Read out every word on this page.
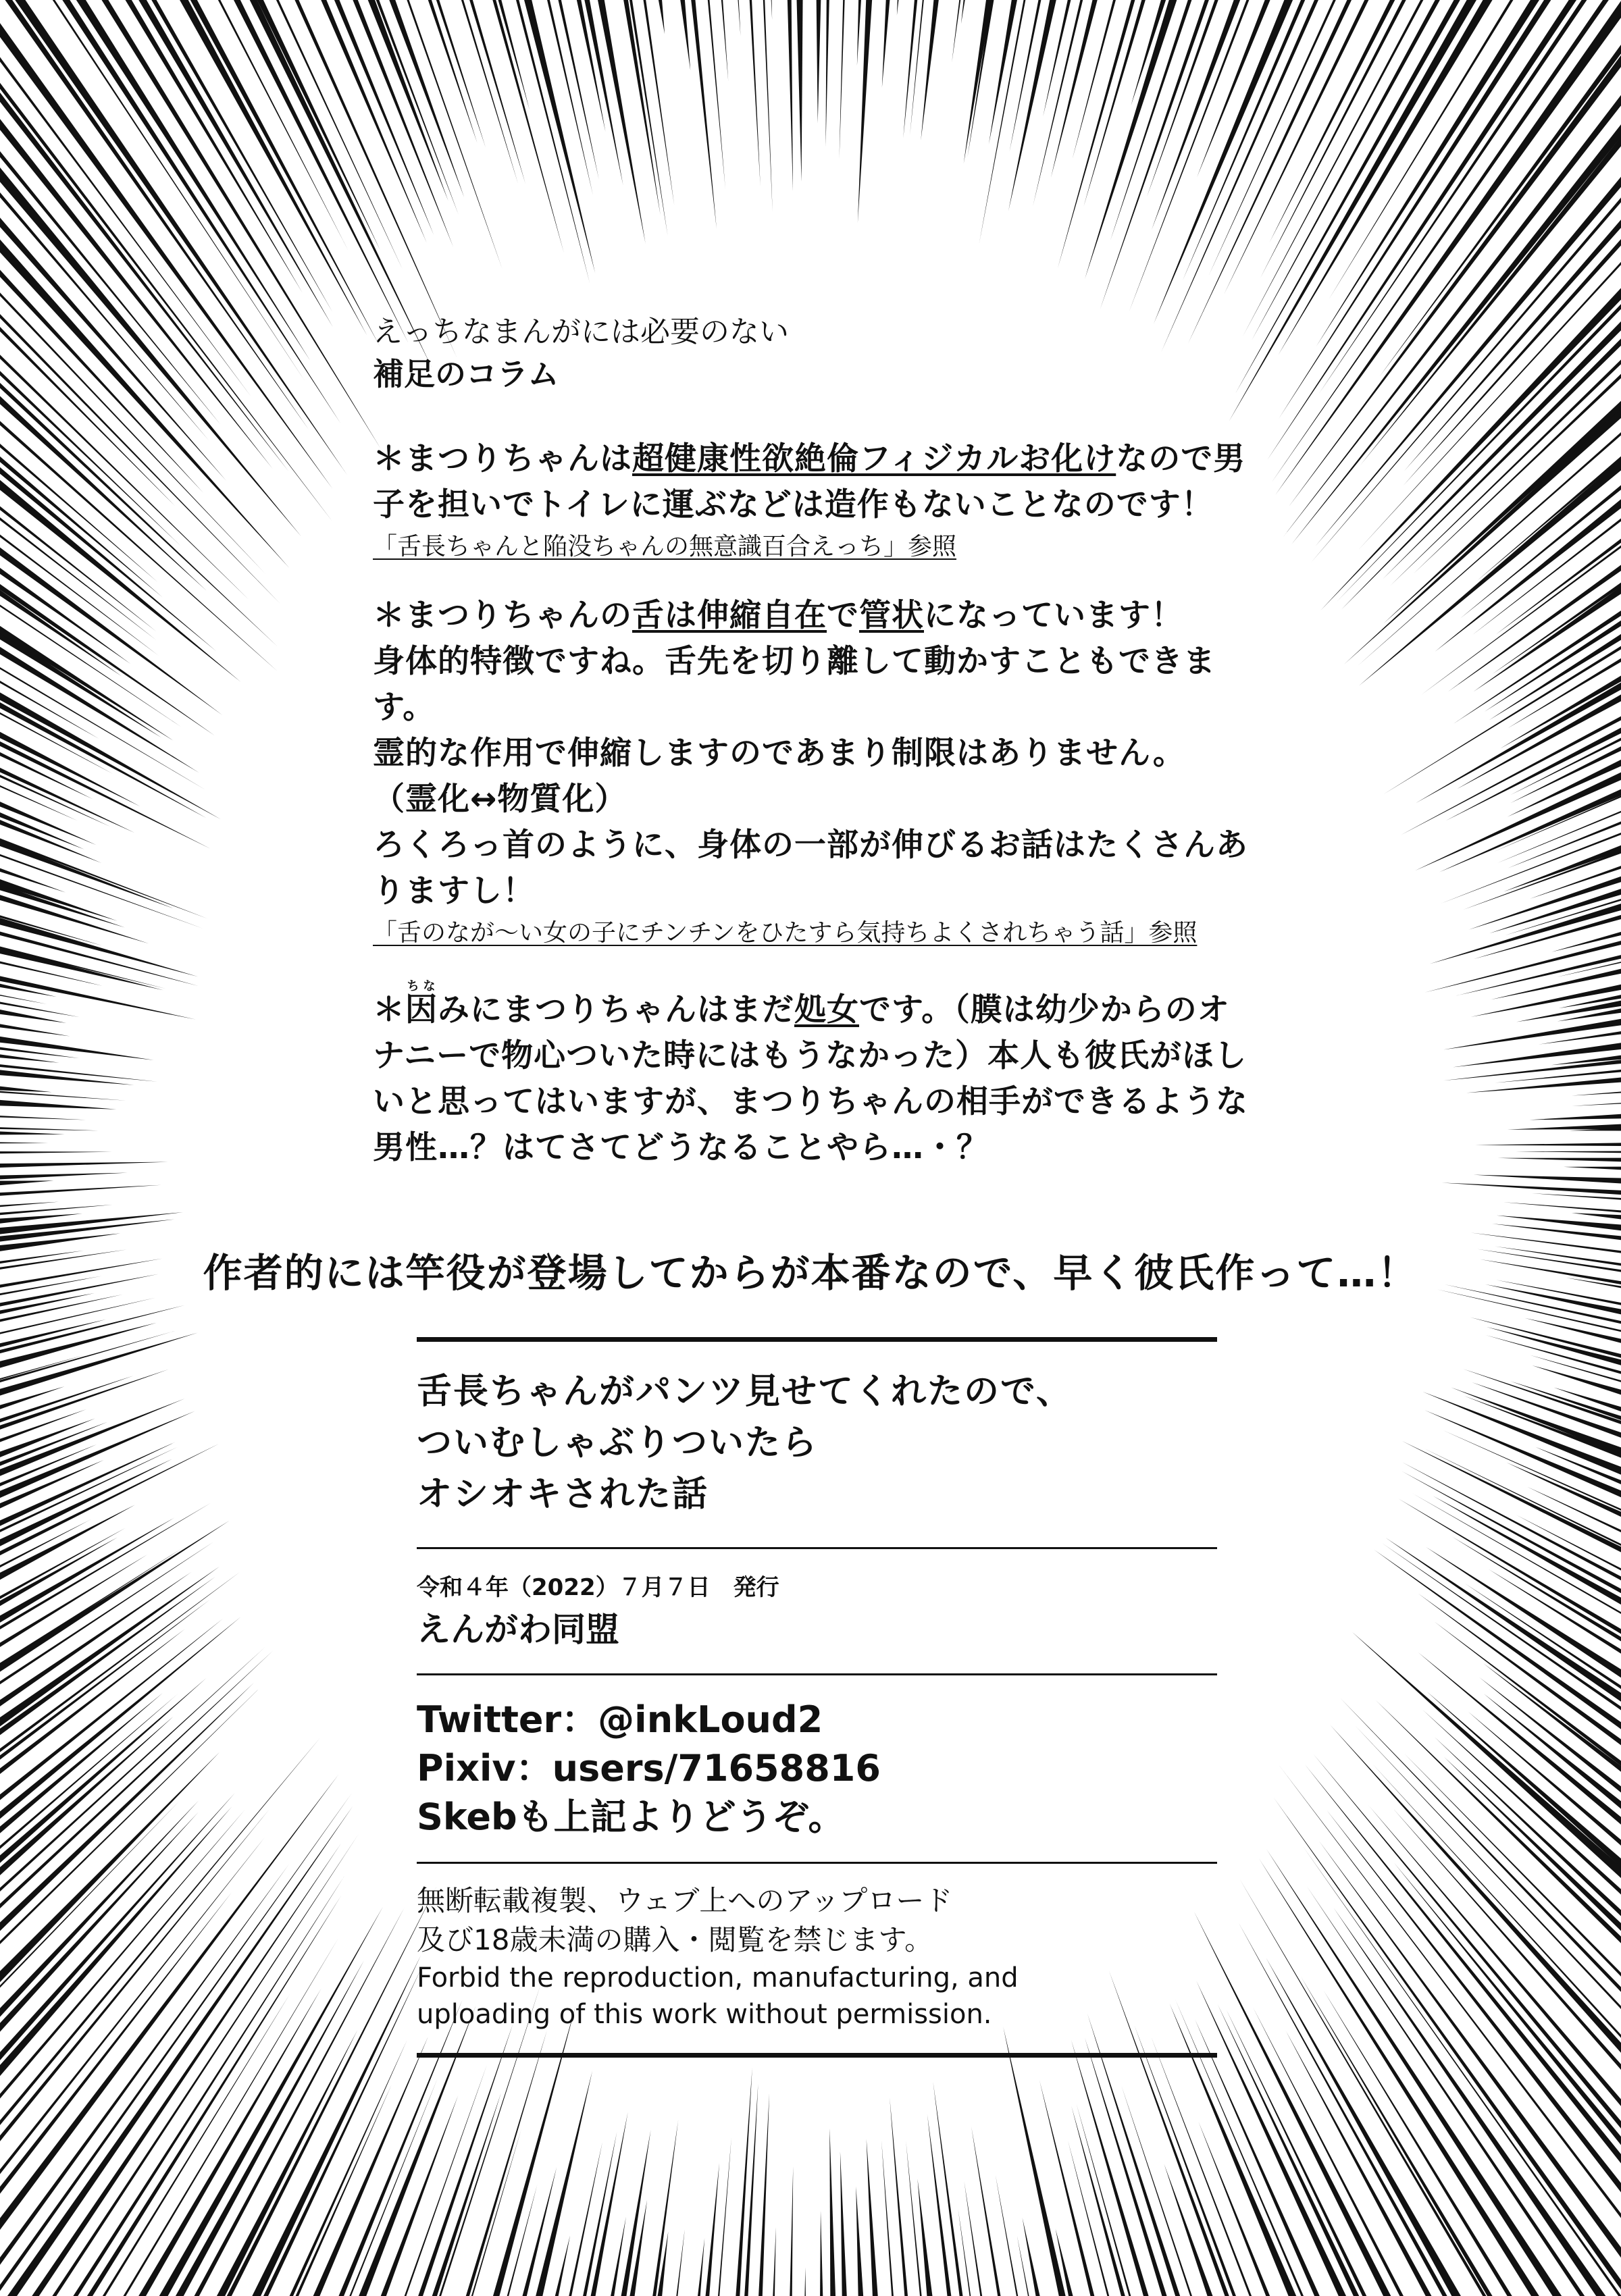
えっちなまんがには必要のない

補足のコラム

＊まつりちゃんは超健康性欲絶倫フィジカルお化けなので男子を担いでトイレに運ぶなどは造作もないことなのです！

「舌長ちゃんと陥没ちゃんの無意識百合えっち」参照

＊まつりちゃんの舌は伸縮自在で管状になっています！

身体的特徴ですね。舌先を切り離して動かすこともできます。

霊的な作用で伸縮しますのであまり制限はありません。

（霊化↔物質化）

ろくろっ首のように、身体の一部が伸びるお話はたくさんありますし！

「舌のなが〜い女の子にチンチンをひたすら気持ちよくされちゃう話」参照

＊因ちなみにまつりちゃんはまだ処女です。（膜は幼少からのオナニーで物心ついた時にはもうなかった）本人も彼氏がほしいと思ってはいますが、まつりちゃんの相手ができるような男性…？はてさてどうなることやら…・？

作者的には竿役が登場してからが本番なので、早く彼氏作って…！

舌長ちゃんがパンツ見せてくれたので、
ついむしゃぶりついたら
オシオキされた話

令和４年（2022）７月７日　発行

えんがわ同盟

Twitter：@inkLoud2

Pixiv：users/71658816

Skebも上記よりどうぞ。

無断転載複製、ウェブ上へのアップロード

及び18歳未満の購入・閲覧を禁じます。

Forbid the reproduction, manufacturing, and

uploading of this work without permission.
